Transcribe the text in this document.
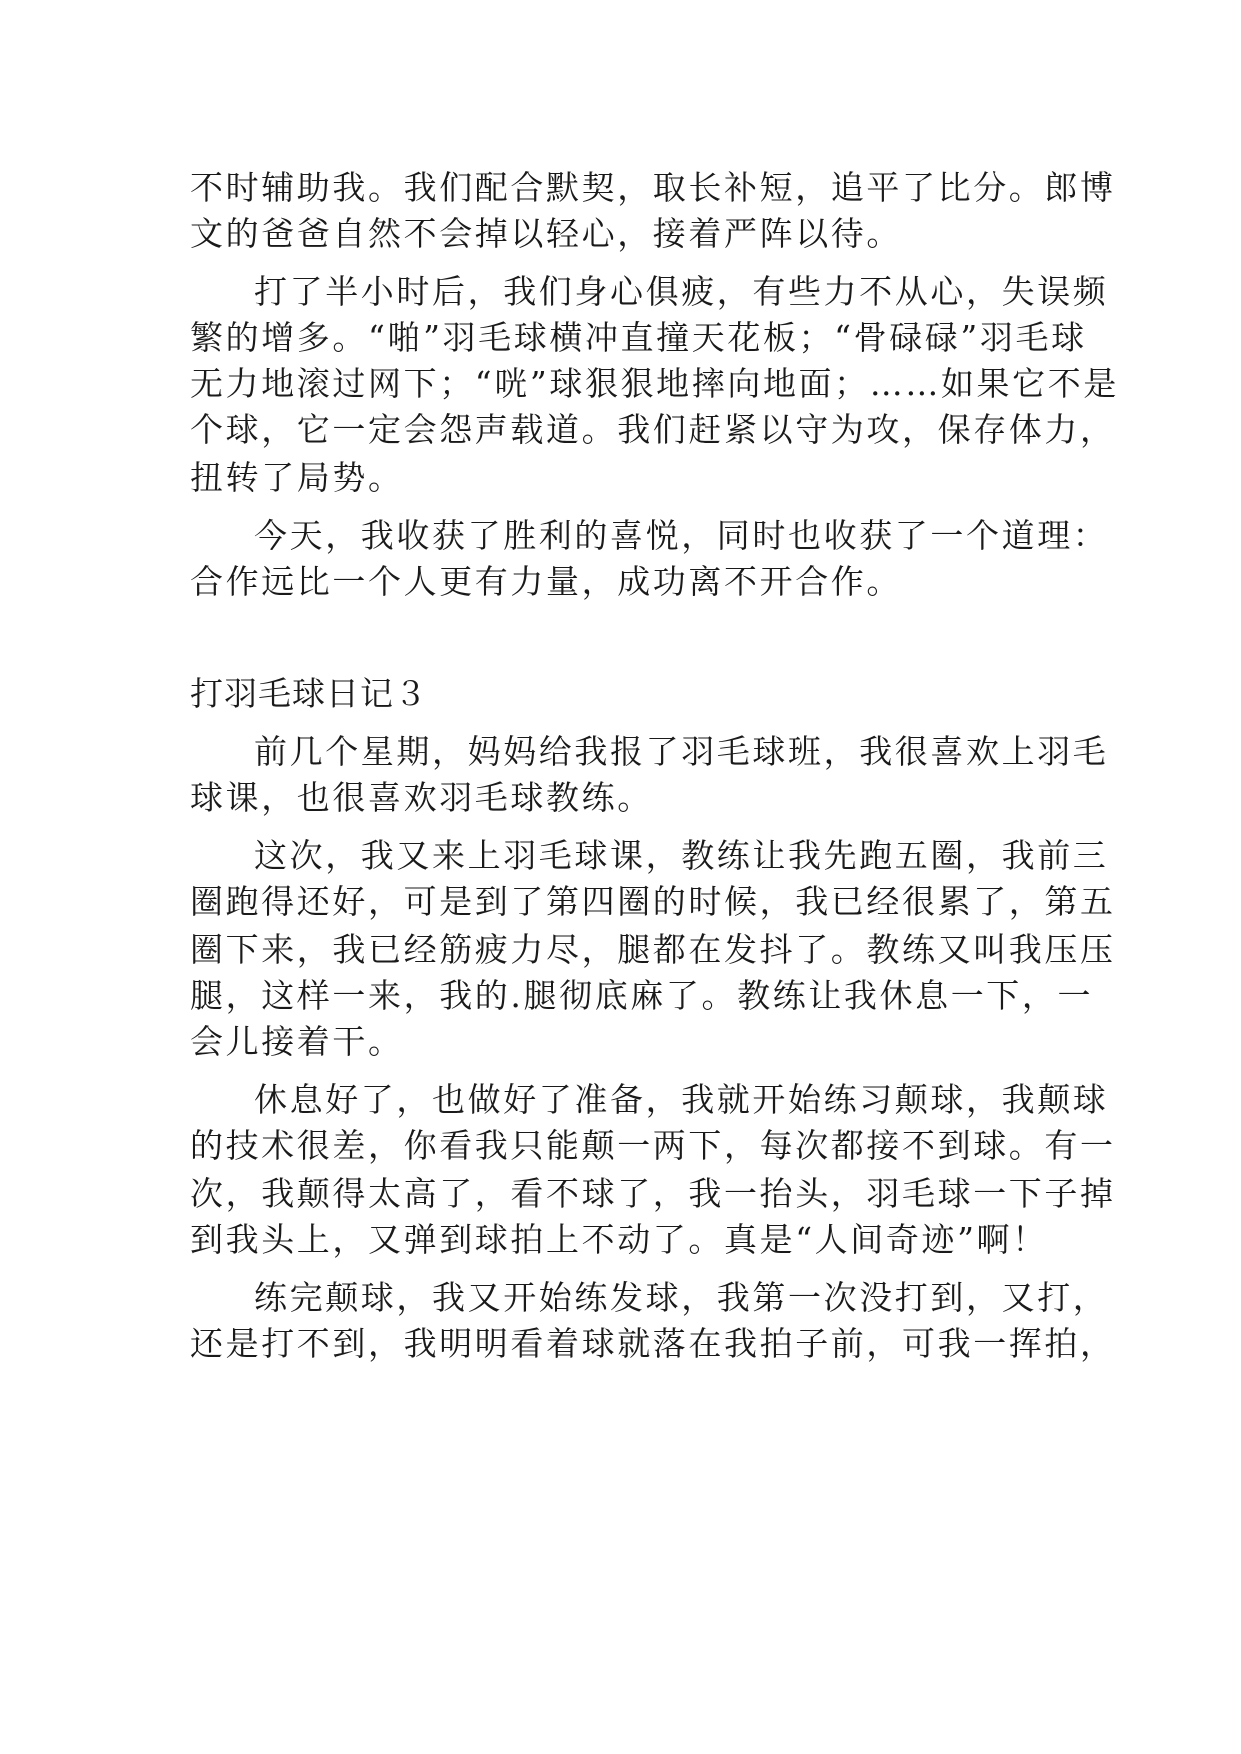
不时辅助我。我们配合默契，取长补短，追平了比分。郎博
文的爸爸自然不会掉以轻心，接着严阵以待。
打了半小时后，我们身心俱疲，有些力不从心，失误频
繁的增多。“啪”羽毛球横冲直撞天花板；“骨碌碌”羽毛球
无力地滚过网下；“咣”球狠狠地摔向地面；……如果它不是
个球，它一定会怨声载道。我们赶紧以守为攻，保存体力，
扭转了局势。
今天，我收获了胜利的喜悦，同时也收获了一个道理：
合作远比一个人更有力量，成功离不开合作。
打羽毛球日记３
前几个星期，妈妈给我报了羽毛球班，我很喜欢上羽毛
球课，也很喜欢羽毛球教练。
这次，我又来上羽毛球课，教练让我先跑五圈，我前三
圈跑得还好，可是到了第四圈的时候，我已经很累了，第五
圈下来，我已经筋疲力尽，腿都在发抖了。教练又叫我压压
腿，这样一来，我的.腿彻底麻了。教练让我休息一下，一
会儿接着干。
休息好了，也做好了准备，我就开始练习颠球，我颠球
的技术很差，你看我只能颠一两下，每次都接不到球。有一
次，我颠得太高了，看不球了，我一抬头，羽毛球一下子掉
到我头上，又弹到球拍上不动了。真是“人间奇迹”啊！
练完颠球，我又开始练发球，我第一次没打到，又打，
还是打不到，我明明看着球就落在我拍子前，可我一挥拍，
